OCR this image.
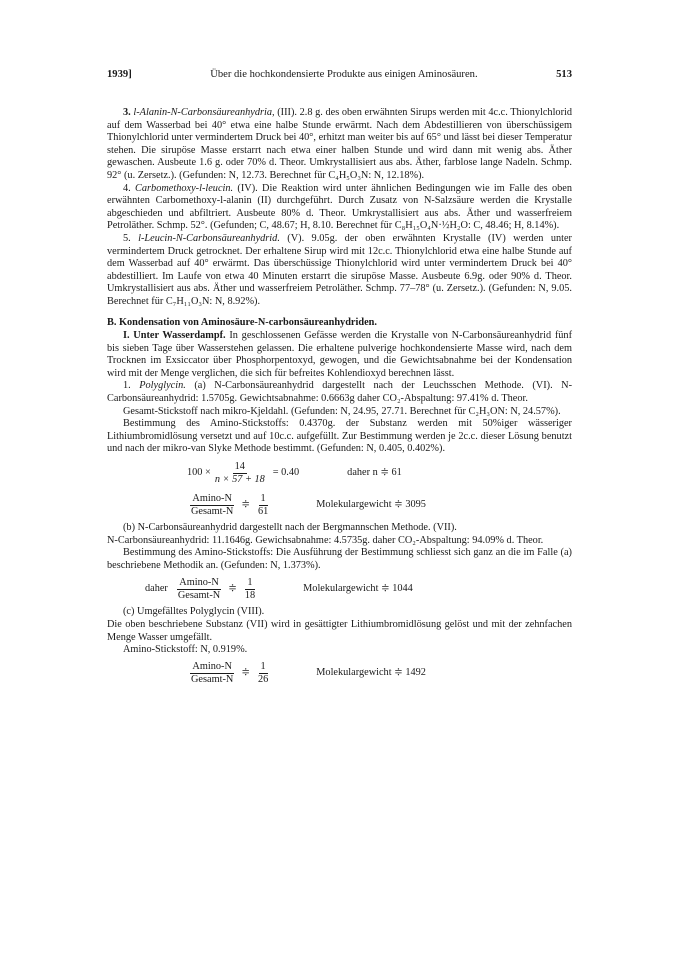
1939]	Über die hochkondensierte Produkte aus einigen Aminosäuren.	513

3. l-Alanin-N-Carbonsäureanhydria, (III). 2.8 g. des oben erwähnten Sirups werden mit 4c.c. Thionylchlorid auf dem Wasserbad bei 40° etwa eine halbe Stunde erwärmt. Nach dem Abdestillieren von überschüssigem Thionylchlorid unter vermindertem Druck bei 40°, erhitzt man weiter bis auf 65° und lässt bei dieser Temperatur stehen. Die sirupöse Masse erstarrt nach etwa einer halben Stunde und wird dann mit wenig abs. Äther gewaschen. Ausbeute 1.6 g. oder 70% d. Theor. Umkrystallisiert aus abs. Äther, farblose lange Nadeln. Schmp. 92° (u. Zersetz.). (Gefunden: N, 12.73. Berechnet für C₄H₅O₃N: N, 12.18%).

4. Carbomethoxy-l-leucin. (IV). Die Reaktion wird unter ähnlichen Bedingungen wie im Falle des oben erwähnten Carbomethoxy-l-alanin (II) durchgeführt. Durch Zusatz von N-Salzsäure werden die Krystalle abgeschieden und abfiltriert. Ausbeute 80% d. Theor. Umkrystallisiert aus abs. Äther und wasserfreiem Petroläther. Schmp. 52°. (Gefunden; C, 48.67; H, 8.10. Berechnet für C₈H₁₅O₄N·½H₂O: C, 48.46; H, 8.14%).

5. l-Leucin-N-Carbonsäureanhydrid. (V). 9.05g. der oben erwähnten Krystalle (IV) werden unter vermindertem Druck getrocknet. Der erhaltene Sirup wird mit 12c.c. Thionylchlorid etwa eine halbe Stunde auf dem Wasserbad auf 40° erwärmt. Das überschüssige Thionylchlorid wird unter vermindertem Druck bei 40° abdestilliert. Im Laufe von etwa 40 Minuten erstarrt die sirupöse Masse. Ausbeute 6.9g. oder 90% d. Theor. Umkrystallisiert aus abs. Äther und wasserfreiem Petroläther. Schmp. 77–78° (u. Zersetz.). (Gefunden: N, 9.05. Berechnet für C₇H₁₁O₃N: N, 8.92%).

B. Kondensation von Aminosäure-N-carbonsäureanhydriden.

I. Unter Wasserdampf. In geschlossenen Gefässe werden die Krystalle von N-Carbonsäureanhydrid fünf bis sieben Tage über Wasserstehen gelassen. Die erhaltene pulverige hochkondensierte Masse wird, nach dem Trocknen im Exsiccator über Phosphorpentoxyd, gewogen, und die Gewichtsabnahme bei der Kondensation wird mit der Menge verglichen, die sich für befreites Kohlendioxyd berechnen lässt.

1. Polyglycin. (a) N-Carbonsäureanhydrid dargestellt nach der Leuchsschen Methode. (VI). N-Carbonsäureanhydrid: 1.5705g. Gewichtsabnahme: 0.6663g daher CO₂-Abspaltung: 97.41% d. Theor.

Gesamt-Stickstoff nach mikro-Kjeldahl. (Gefunden: N, 24.95, 27.71. Berechnet für C₂H₃ON: N, 24.57%).

Bestimmung des Amino-Stickstoffs: 0.4370g. der Substanz werden mit 50%iger wässeriger Lithiumbromidlösung versetzt und auf 10c.c. aufgefüllt. Zur Bestimmung werden je 2c.c. dieser Lösung benutzt und nach der mikro-van Slyke Methode bestimmt. (Gefunden: N, 0.405, 0.402%).

$100 \times \frac{14}{n \times 57 + 18} = 0.40$	daher n ≑ 61
$\frac{Amino-N}{\text{Gesamt-N}}$ ≑ $\frac{1}{61}$	Molekulargewicht ≑ 3095

(b) N-Carbonsäureanhydrid dargestellt nach der Bergmannschen Methode. (VII).

N-Carbonsäureanhydrid: 11.1646g. Gewichsabnahme: 4.5735g. daher CO₂-Abspaltung: 94.09% d. Theor.

Bestimmung des Amino-Stickstoffs: Die Ausführung der Bestimmung schliesst sich ganz an die im Falle (a) beschriebene Methodik an. (Gefunden: N, 1.373%).

daher $\frac{Amino-N}{\text{Gesamt-N}}$ ≑ $\frac{1}{18}$	Molekulargewicht ≑ 1044

(c) Umgefälltes Polyglycin (VIII).

Die oben beschriebene Substanz (VII) wird in gesättigter Lithiumbromidlösung gelöst und mit der zehnfachen Menge Wasser umgefällt.

Amino-Stickstoff: N, 0.919%.

$\frac{Amino-N}{\text{Gesamt-N}}$ ≑ $\frac{1}{26}$	Molekulargewicht ≑ 1492
